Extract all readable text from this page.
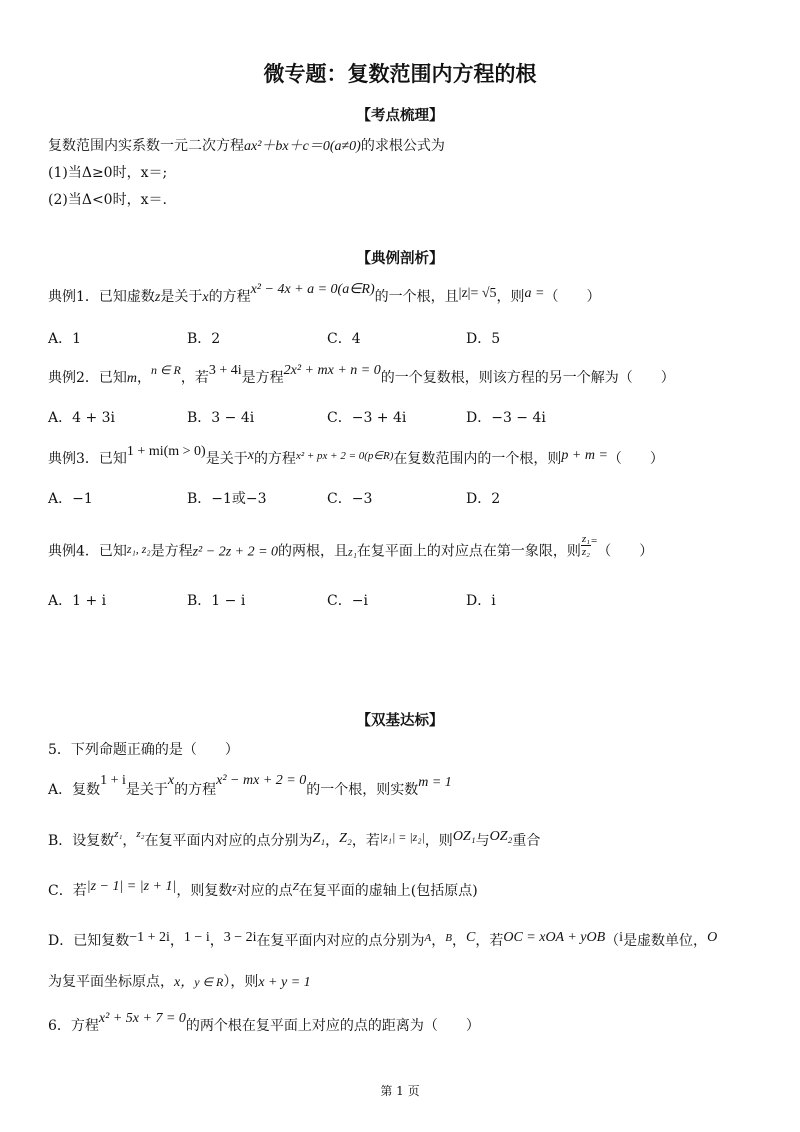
微专题：复数范围内方程的根
【考点梳理】
复数范围内实系数一元二次方程ax²＋bx＋c＝0(a≠0)的求根公式为
(1)当Δ≥0时，x＝;
(2)当Δ<0时，x＝.
【典例剖析】
典例1．已知虚数z是关于x的方程x² − 4x + a = 0(a∈R)的一个根，且|z|= √5，则a =（　　）
A．1	B．2	C．4	D．5
典例2．已知m，n ∈ R，若3 + 4i是方程2x² + mx + n = 0的一个复数根，则该方程的另一个解为（　　）
A．4 + 3i	B．3 − 4i	C．−3 + 4i	D．−3 − 4i
典例3．已知1 + mi(m > 0)是关于x的方程$^{x^2 + px + 2 = 0(p\in R)}$在复数范围内的一个根，则p + m =（　　）
A．−1	B．−1或−3	C．−3	D．2
典例4．已知z₁, z₂是方程z² − 2z + 2 = 0的两根，且z₁在复平面上的对应点在第一象限，则 $\frac{\text{z₁}}{\text{z₂}} ^=$（　　）
A．1 + i	B．1 − i	C．−i	D．i
【双基达标】
5．下列命题正确的是（　　）
A．复数1 + i是关于x的方程x² − mx + 2 = 0的一个根，则实数m = 1
B．设复数$^{z_1}$，$^{z_2}$在复平面内对应的点分别为Z₁，Z₂，若|z₁| = |z₂|，则OZ₁与OZ₂重合
C．若|z − 1| = |z + 1|，则复数$^z$对应的点$^Z$在复平面的虚轴上(包括原点)
D．已知复数−1 + 2i，1 − i，3 − 2i在复平面内对应的点分别为$^A$，$^B$，C，若OC = xOA + yOB（i是虚数单位，O
为复平面坐标原点，x，y ∈ R），则x + y = 1
6．方程x² + 5x + 7 = 0的两个根在复平面上对应的点的距离为（　　）
第 1 页
